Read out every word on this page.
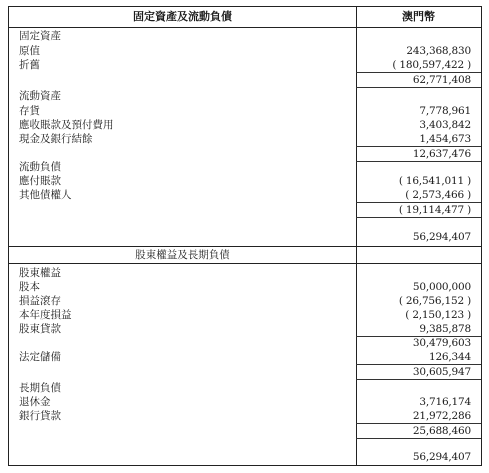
固定資產及流動負債	澳門幣
固定資產
原值	243,368,830
折舊	( 180,597,422 )
62,771,408
流動資產
存貨	7,778,961
應收賬款及預付費用	3,403,842
現金及銀行結餘	1,454,673
12,637,476
流動負債
應付賬款	( 16,541,011 )
其他債權人	( 2,573,466 )
( 19,114,477 )
56,294,407
股東權益及長期負債
股東權益
股本	50,000,000
損益滾存	( 26,756,152 )
本年度損益	( 2,150,123 )
股東貸款	9,385,878
30,479,603
法定儲備	126,344
30,605,947
長期負債
退休金	3,716,174
銀行貸款	21,972,286
25,688,460
56,294,407
